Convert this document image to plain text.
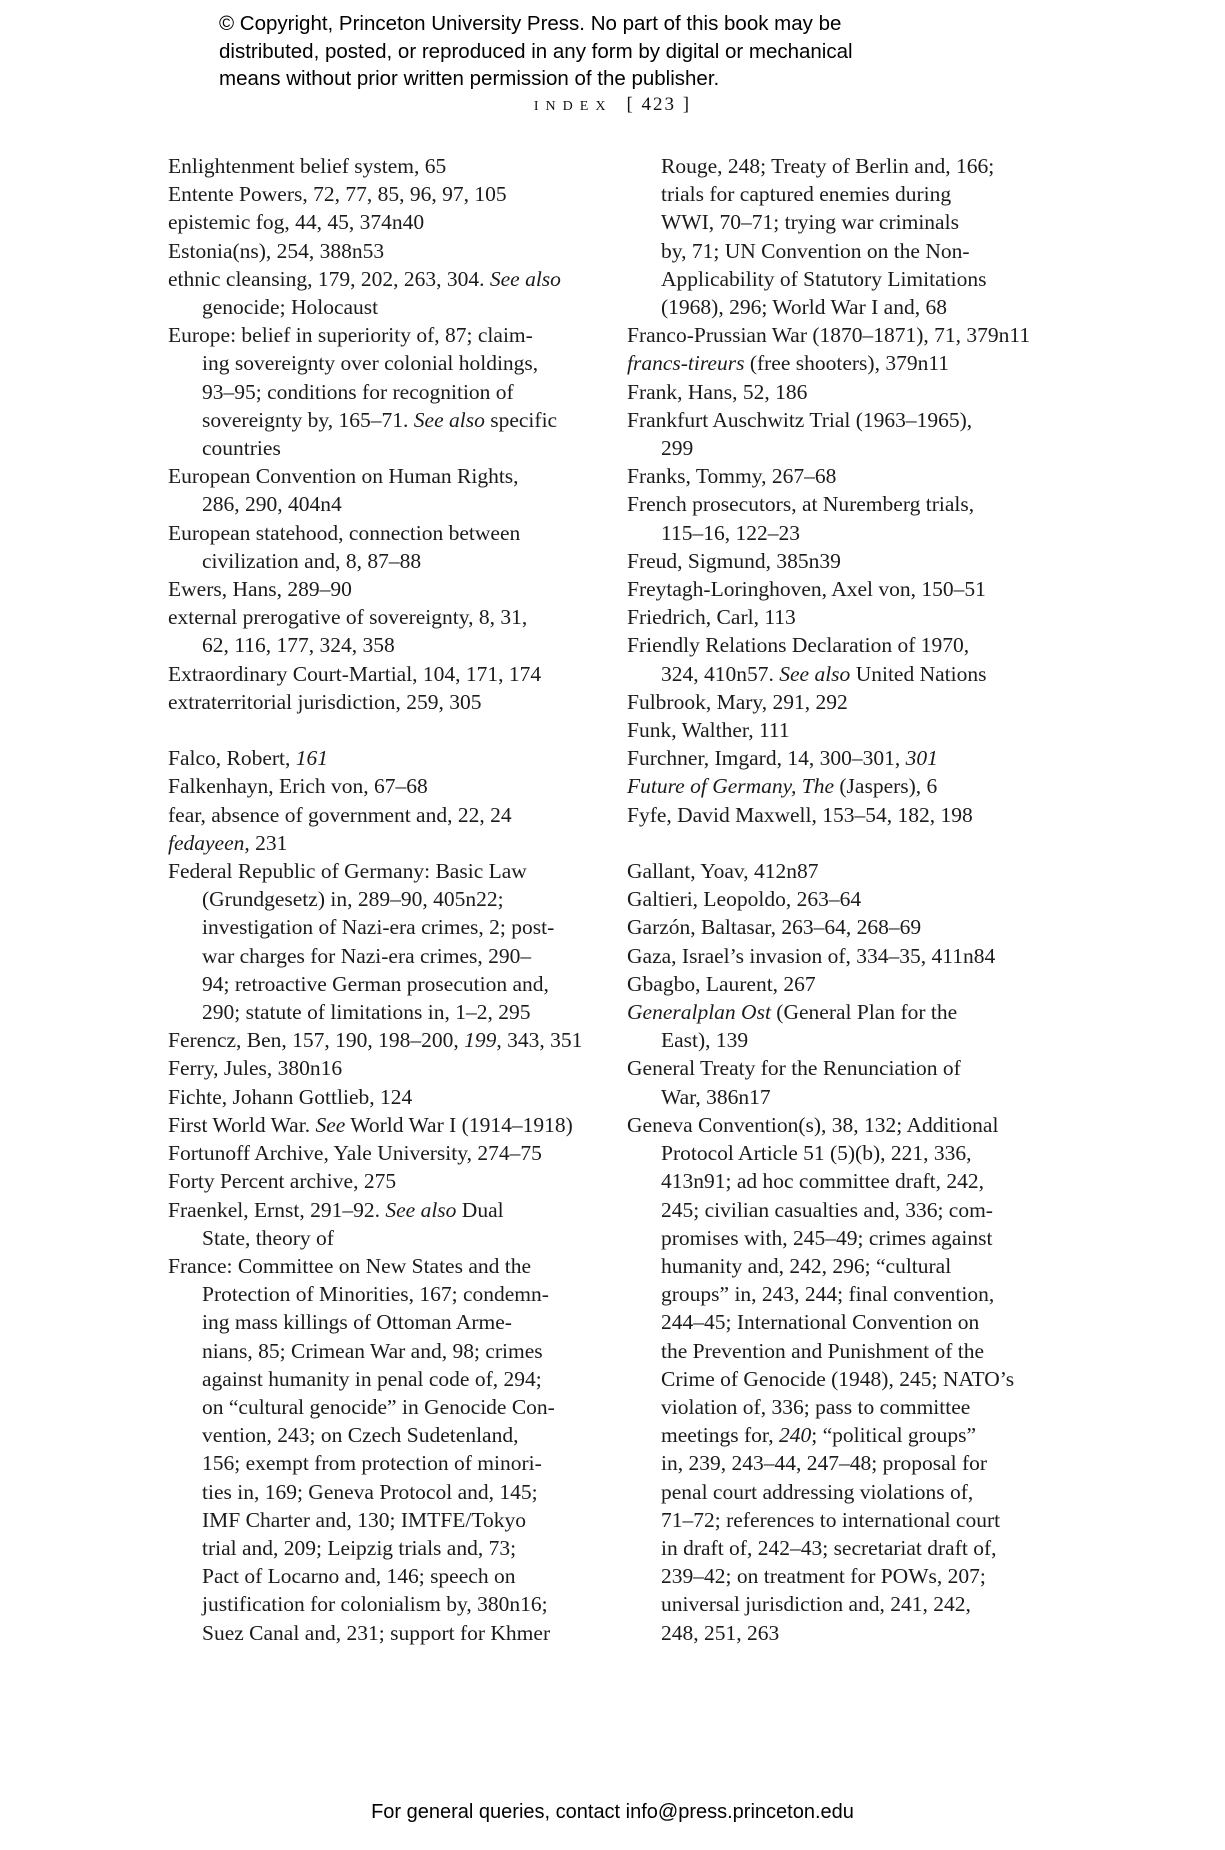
© Copyright, Princeton University Press. No part of this book may be
distributed, posted, or reproduced in any form by digital or mechanical
means without prior written permission of the publisher.
index [ 423 ]
Enlightenment belief system, 65
Entente Powers, 72, 77, 85, 96, 97, 105
epistemic fog, 44, 45, 374n40
Estonia(ns), 254, 388n53
ethnic cleansing, 179, 202, 263, 304. See also
genocide; Holocaust
Europe: belief in superiority of, 87; claim-
ing sovereignty over colonial holdings,
93–95; conditions for recognition of
sovereignty by, 165–71. See also specific
countries
European Convention on Human Rights,
286, 290, 404n4
European statehood, connection between
civilization and, 8, 87–88
Ewers, Hans, 289–90
external prerogative of sovereignty, 8, 31,
62, 116, 177, 324, 358
Extraordinary Court-Martial, 104, 171, 174
extraterritorial jurisdiction, 259, 305
Falco, Robert, 161
Falkenhayn, Erich von, 67–68
fear, absence of government and, 22, 24
fedayeen, 231
Federal Republic of Germany: Basic Law
(Grundgesetz) in, 289–90, 405n22;
investigation of Nazi-era crimes, 2; post-
war charges for Nazi-era crimes, 290–
94; retroactive German prosecution and,
290; statute of limitations in, 1–2, 295
Ferencz, Ben, 157, 190, 198–200, 199, 343, 351
Ferry, Jules, 380n16
Fichte, Johann Gottlieb, 124
First World War. See World War I (1914–1918)
Fortunoff Archive, Yale University, 274–75
Forty Percent archive, 275
Fraenkel, Ernst, 291–92. See also Dual
State, theory of
France: Committee on New States and the
Protection of Minorities, 167; condemn-
ing mass killings of Ottoman Arme-
nians, 85; Crimean War and, 98; crimes
against humanity in penal code of, 294;
on “cultural genocide” in Genocide Con-
vention, 243; on Czech Sudetenland,
156; exempt from protection of minori-
ties in, 169; Geneva Protocol and, 145;
IMF Charter and, 130; IMTFE/Tokyo
trial and, 209; Leipzig trials and, 73;
Pact of Locarno and, 146; speech on
justification for colonialism by, 380n16;
Suez Canal and, 231; support for Khmer
Rouge, 248; Treaty of Berlin and, 166;
trials for captured enemies during
WWI, 70–71; trying war criminals
by, 71; UN Convention on the Non-
Applicability of Statutory Limitations
(1968), 296; World War I and, 68
Franco-Prussian War (1870–1871), 71, 379n11
francs-tireurs (free shooters), 379n11
Frank, Hans, 52, 186
Frankfurt Auschwitz Trial (1963–1965),
299
Franks, Tommy, 267–68
French prosecutors, at Nuremberg trials,
115–16, 122–23
Freud, Sigmund, 385n39
Freytagh-Loringhoven, Axel von, 150–51
Friedrich, Carl, 113
Friendly Relations Declaration of 1970,
324, 410n57. See also United Nations
Fulbrook, Mary, 291, 292
Funk, Walther, 111
Furchner, Imgard, 14, 300–301, 301
Future of Germany, The (Jaspers), 6
Fyfe, David Maxwell, 153–54, 182, 198
Gallant, Yoav, 412n87
Galtieri, Leopoldo, 263–64
Garzón, Baltasar, 263–64, 268–69
Gaza, Israel’s invasion of, 334–35, 411n84
Gbagbo, Laurent, 267
Generalplan Ost (General Plan for the
East), 139
General Treaty for the Renunciation of
War, 386n17
Geneva Convention(s), 38, 132; Additional
Protocol Article 51 (5)(b), 221, 336,
413n91; ad hoc committee draft, 242,
245; civilian casualties and, 336; com-
promises with, 245–49; crimes against
humanity and, 242, 296; “cultural
groups” in, 243, 244; final convention,
244–45; International Convention on
the Prevention and Punishment of the
Crime of Genocide (1948), 245; NATO’s
violation of, 336; pass to committee
meetings for, 240; “political groups”
in, 239, 243–44, 247–48; proposal for
penal court addressing violations of,
71–72; references to international court
in draft of, 242–43; secretariat draft of,
239–42; on treatment for POWs, 207;
universal jurisdiction and, 241, 242,
248, 251, 263
For general queries, contact info@press.princeton.edu
